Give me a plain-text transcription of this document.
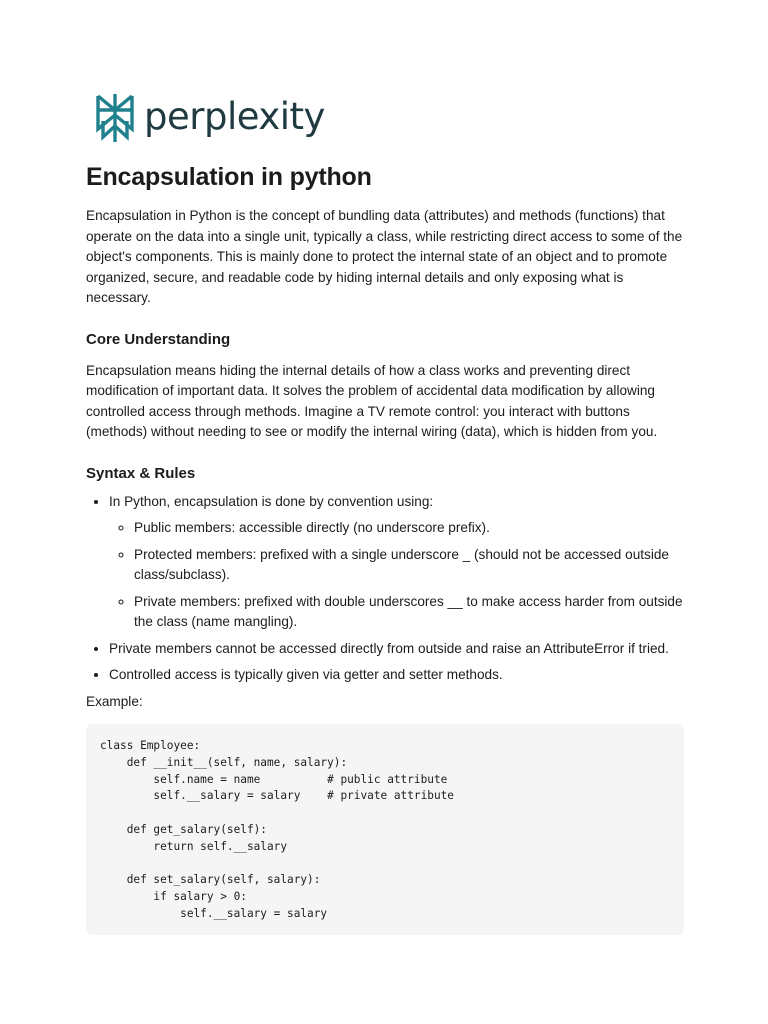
perplexity
Encapsulation in python

Encapsulation in Python is the concept of bundling data (attributes) and methods (functions) that operate on the data into a single unit, typically a class, while restricting direct access to some of the object's components. This is mainly done to protect the internal state of an object and to promote organized, secure, and readable code by hiding internal details and only exposing what is necessary.

Core Understanding

Encapsulation means hiding the internal details of how a class works and preventing direct modification of important data. It solves the problem of accidental data modification by allowing controlled access through methods. Imagine a TV remote control: you interact with buttons (methods) without needing to see or modify the internal wiring (data), which is hidden from you.

Syntax & Rules
• In Python, encapsulation is done by convention using:
◦ Public members: accessible directly (no underscore prefix).
◦ Protected members: prefixed with a single underscore _ (should not be accessed outside class/subclass).
◦ Private members: prefixed with double underscores __ to make access harder from outside the class (name mangling).
• Private members cannot be accessed directly from outside and raise an AttributeError if tried.
• Controlled access is typically given via getter and setter methods.

Example:

class Employee:
def __init__(self, name, salary):
self.name = name          # public attribute
self.__salary = salary    # private attribute

def get_salary(self):
return self.__salary

def set_salary(self, salary):
if salary > 0:
self.__salary = salary
